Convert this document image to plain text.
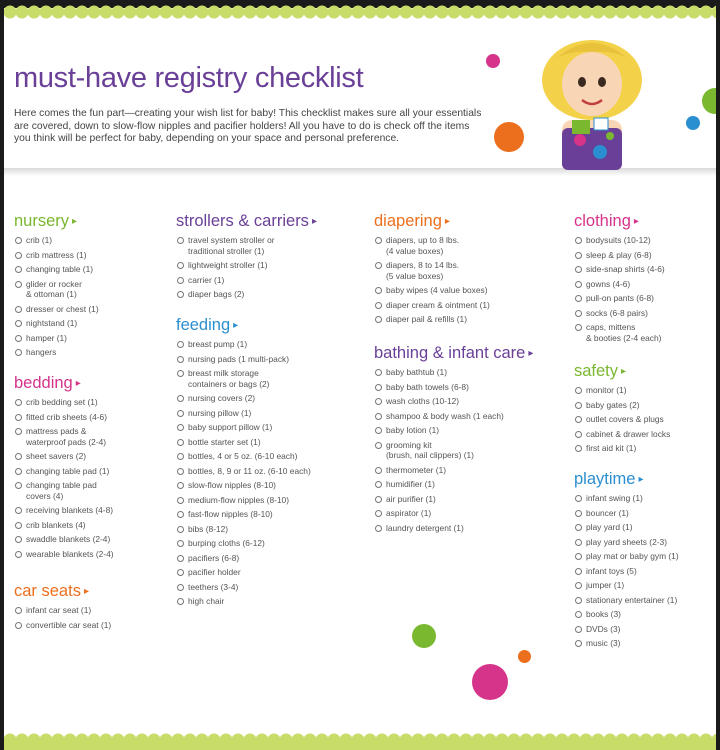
must-have registry checklist
Here comes the fun part—creating your wish list for baby! This checklist makes sure all your essentials are covered, down to slow-flow nipples and pacifier holders! All you have to do is check off the items you think will be perfect for baby, depending on your space and personal preference.
nursery ▸
crib (1)
crib mattress (1)
changing table (1)
glider or rocker
& ottoman (1)
dresser or chest (1)
nightstand (1)
hamper (1)
hangers
bedding ▸
crib bedding set (1)
fitted crib sheets (4-6)
mattress pads &
waterproof pads (2-4)
sheet savers (2)
changing table pad (1)
changing table pad
covers (4)
receiving blankets (4-8)
crib blankets (4)
swaddle blankets (2-4)
wearable blankets (2-4)
car seats ▸
infant car seat (1)
convertible car seat (1)
strollers & carriers ▸
travel system stroller or
traditional stroller (1)
lightweight stroller (1)
carrier (1)
diaper bags (2)
feeding ▸
breast pump (1)
nursing pads (1 multi-pack)
breast milk storage
containers or bags (2)
nursing covers (2)
nursing pillow (1)
baby support pillow (1)
bottle starter set (1)
bottles, 4 or 5 oz. (6-10 each)
bottles, 8, 9 or 11 oz. (6-10 each)
slow-flow nipples (8-10)
medium-flow nipples (8-10)
fast-flow nipples (8-10)
bibs (8-12)
burping cloths (6-12)
pacifiers (6-8)
pacifier holder
teethers (3-4)
high chair
diapering ▸
diapers, up to 8 lbs.
(4 value boxes)
diapers, 8 to 14 lbs.
(5 value boxes)
baby wipes (4 value boxes)
diaper cream & ointment (1)
diaper pail & refills (1)
bathing & infant care ▸
baby bathtub (1)
baby bath towels (6-8)
wash cloths (10-12)
shampoo & body wash (1 each)
baby lotion (1)
grooming kit
(brush, nail clippers) (1)
thermometer (1)
humidifier (1)
air purifier (1)
aspirator (1)
laundry detergent (1)
clothing ▸
bodysuits (10-12)
sleep & play (6-8)
side-snap shirts (4-6)
gowns (4-6)
pull-on pants (6-8)
socks (6-8 pairs)
caps, mittens
& booties (2-4 each)
safety ▸
monitor (1)
baby gates (2)
outlet covers & plugs
cabinet & drawer locks
first aid kit (1)
playtime ▸
infant swing (1)
bouncer (1)
play yard (1)
play yard sheets (2-3)
play mat or baby gym (1)
infant toys (5)
jumper (1)
stationary entertainer (1)
books (3)
DVDs (3)
music (3)
